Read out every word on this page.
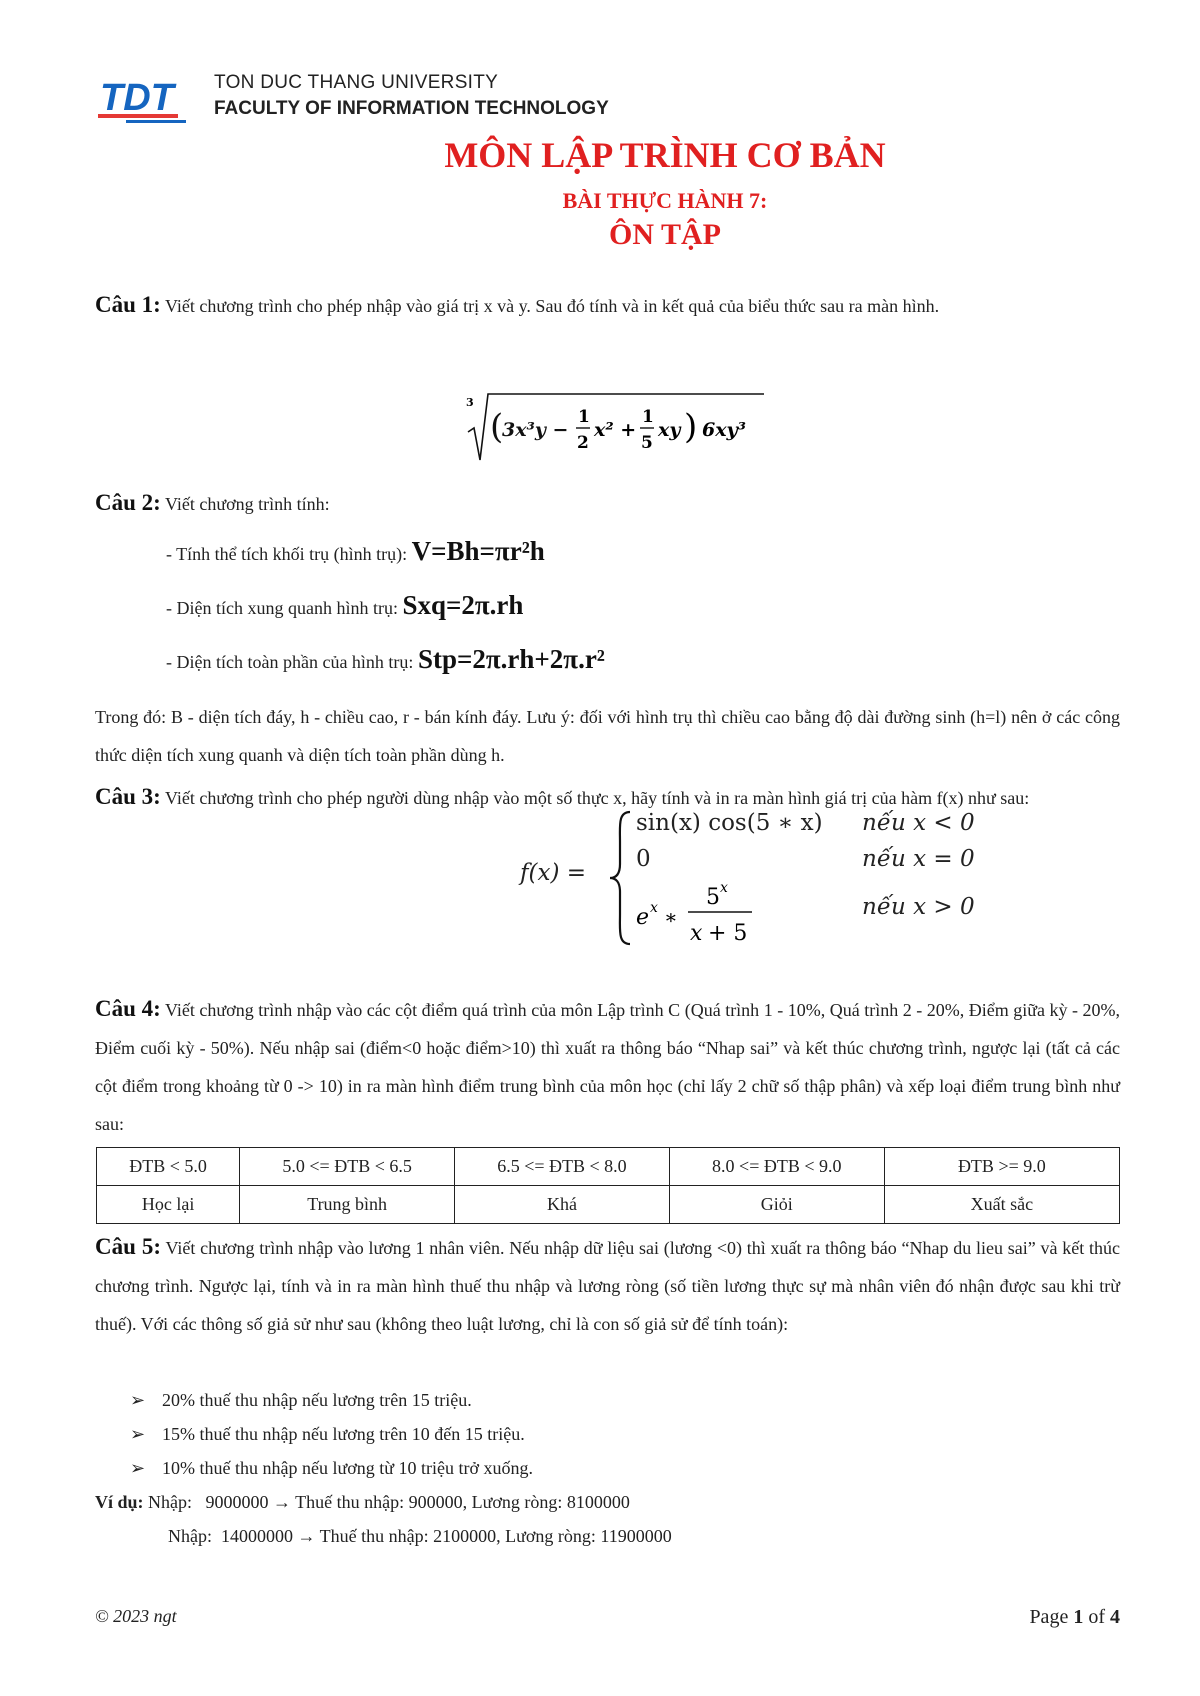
TDT TON DUC THANG UNIVERSITY
FACULTY OF INFORMATION TECHNOLOGY
MÔN LẬP TRÌNH CƠ BẢN
BÀI THỰC HÀNH 7:
ÔN TẬP
Câu 1: Viết chương trình cho phép nhập vào giá trị x và y. Sau đó tính và in kết quả của biểu thức sau ra màn hình.
3
(
3x³y −
1
2
x² +
1
5
xy ) 6xy³
Câu 2: Viết chương trình tính:
- Tính thể tích khối trụ (hình trụ): V=Bh=πr²h
- Diện tích xung quanh hình trụ: Sxq=2π.rh
- Diện tích toàn phần của hình trụ: Stp=2π.rh+2π.r²
Trong đó: B - diện tích đáy, h - chiều cao, r - bán kính đáy. Lưu ý: đối với hình trụ thì chiều cao bằng độ dài đường sinh (h=l) nên ở các công thức diện tích xung quanh và diện tích toàn phần dùng h.
Câu 3: Viết chương trình cho phép người dùng nhập vào một số thực x, hãy tính và in ra màn hình giá trị của hàm f(x) như sau:
f(x) =
sin(x) cos(5 ∗ x) nếu x < 0
0	nếu x = 0
e x ∗
5 x
x + 5
nếu x > 0
Câu 4: Viết chương trình nhập vào các cột điểm quá trình của môn Lập trình C (Quá trình 1 - 10%, Quá trình 2 - 20%, Điểm giữa kỳ - 20%, Điểm cuối kỳ - 50%). Nếu nhập sai (điểm<0 hoặc điểm>10) thì xuất ra thông báo “Nhap sai” và kết thúc chương trình, ngược lại (tất cả các cột điểm trong khoảng từ 0 -> 10) in ra màn hình điểm trung bình của môn học (chỉ lấy 2 chữ số thập phân) và xếp loại điểm trung bình như sau:
ĐTB < 5.0	5.0 <= ĐTB < 6.5	6.5 <= ĐTB < 8.0	8.0 <= ĐTB < 9.0	ĐTB >= 9.0
Học lại	Trung bình	Khá	Giỏi	Xuất sắc
Câu 5: Viết chương trình nhập vào lương 1 nhân viên. Nếu nhập dữ liệu sai (lương <0) thì xuất ra thông báo “Nhap du lieu sai” và kết thúc chương trình. Ngược lại, tính và in ra màn hình thuế thu nhập và lương ròng (số tiền lương thực sự mà nhân viên đó nhận được sau khi trừ thuế). Với các thông số giả sử như sau (không theo luật lương, chỉ là con số giả sử để tính toán):
➢ 20% thuế thu nhập nếu lương trên 15 triệu.
➢ 15% thuế thu nhập nếu lương trên 10 đến 15 triệu.
➢ 10% thuế thu nhập nếu lương từ 10 triệu trở xuống.
Ví dụ: Nhập:   9000000 → Thuế thu nhập: 900000, Lương ròng: 8100000
Nhập:  14000000 → Thuế thu nhập: 2100000, Lương ròng: 11900000
© 2023 ngt	Page 1 of 4
